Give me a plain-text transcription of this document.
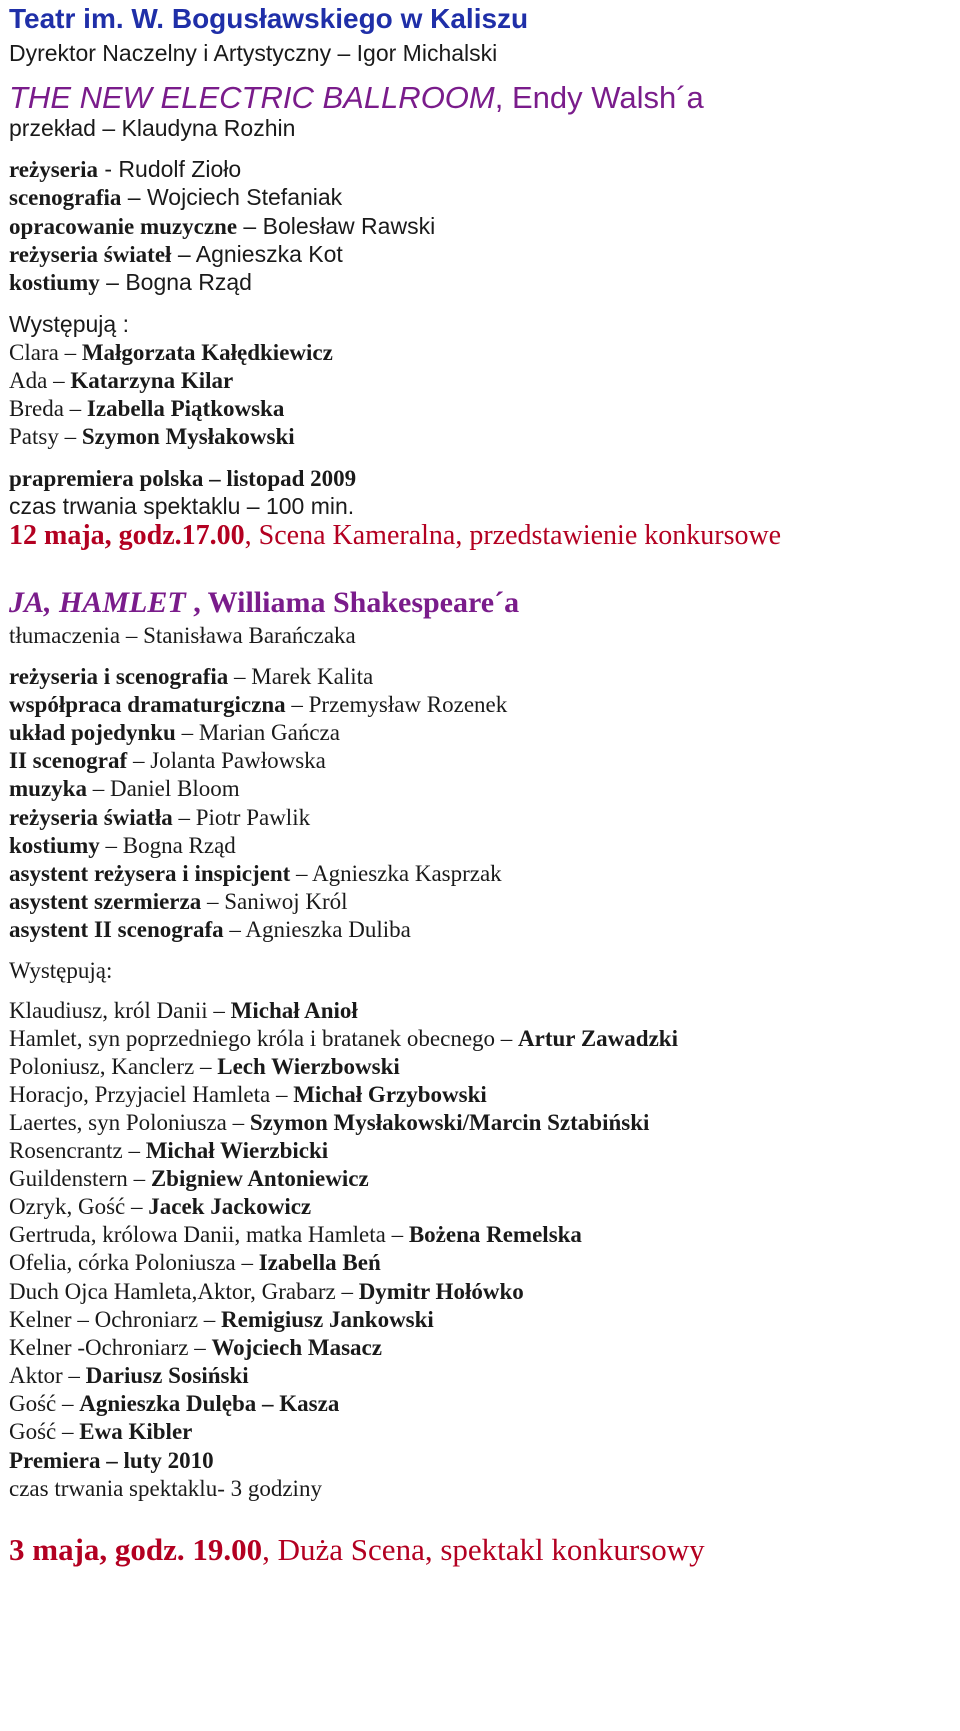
Teatr im. W. Bogusławskiego w Kaliszu
Dyrektor Naczelny i Artystyczny – Igor Michalski
THE NEW ELECTRIC BALLROOM, Endy Walsh´a
przekład – Klaudyna Rozhin
reżyseria - Rudolf Zioło
scenografia – Wojciech Stefaniak
opracowanie muzyczne – Bolesław Rawski
reżyseria świateł – Agnieszka Kot
kostiumy – Bogna Rząd
Występują :
Clara – Małgorzata Kałędkiewicz
Ada – Katarzyna Kilar
Breda – Izabella Piątkowska
Patsy – Szymon Mysłakowski
prapremiera polska – listopad 2009
czas trwania spektaklu – 100 min.
12 maja, godz.17.00, Scena Kameralna, przedstawienie konkursowe
JA, HAMLET , Williama Shakespeare´a
tłumaczenia – Stanisława Barańczaka
reżyseria i scenografia – Marek Kalita
współpraca dramaturgiczna – Przemysław Rozenek
układ pojedynku – Marian Gańcza
II scenograf – Jolanta Pawłowska
muzyka – Daniel Bloom
reżyseria światła – Piotr Pawlik
kostiumy – Bogna Rząd
asystent reżysera i inspicjent – Agnieszka Kasprzak
asystent szermierza – Saniwoj Król
asystent II scenografa – Agnieszka Duliba
Występują:
Klaudiusz, król Danii – Michał Anioł
Hamlet, syn poprzedniego króla i bratanek obecnego – Artur Zawadzki
Poloniusz, Kanclerz – Lech Wierzbowski
Horacjo, Przyjaciel Hamleta – Michał Grzybowski
Laertes, syn Poloniusza – Szymon Mysłakowski/Marcin Sztabiński
Rosencrantz – Michał Wierzbicki
Guildenstern – Zbigniew Antoniewicz
Ozryk, Gość – Jacek Jackowicz
Gertruda, królowa Danii, matka Hamleta – Bożena Remelska
Ofelia, córka Poloniusza – Izabella Beń
Duch Ojca Hamleta,Aktor, Grabarz – Dymitr Hołówko
Kelner – Ochroniarz – Remigiusz Jankowski
Kelner -Ochroniarz – Wojciech Masacz
Aktor – Dariusz Sosiński
Gość – Agnieszka Dulęba – Kasza
Gość – Ewa Kibler
Premiera – luty 2010
czas trwania spektaklu- 3 godziny
3 maja, godz. 19.00, Duża Scena, spektakl konkursowy
